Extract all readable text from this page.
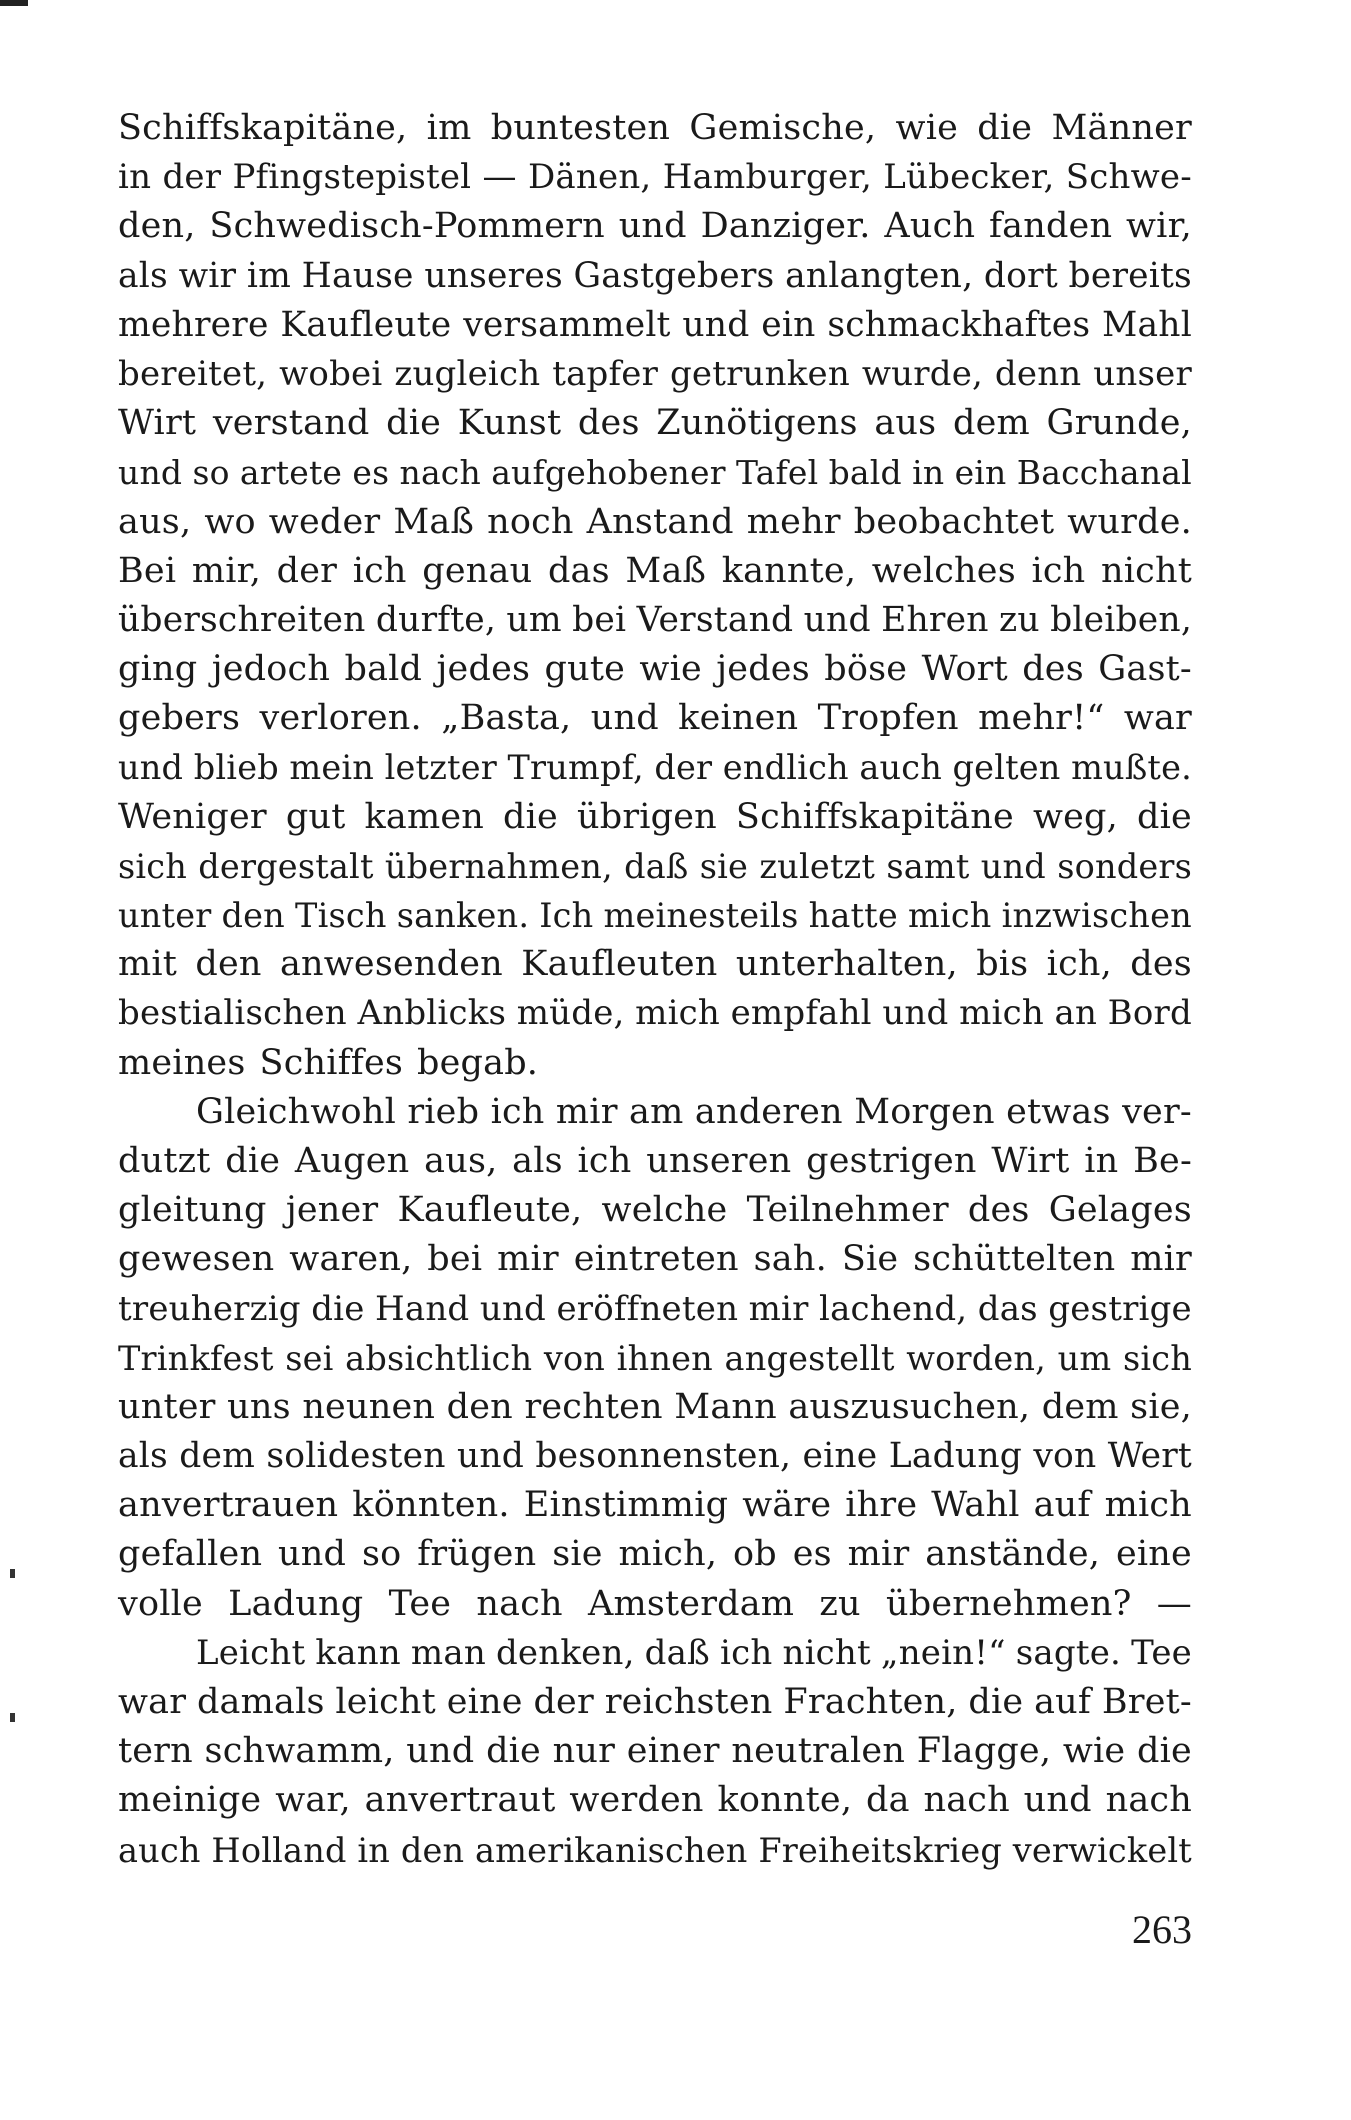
Schiffskapitäne, im buntesten Gemische, wie die Männer
in der Pfingstepistel — Dänen, Hamburger, Lübecker, Schwe-
den, Schwedisch-Pommern und Danziger. Auch fanden wir,
als wir im Hause unseres Gastgebers anlangten, dort bereits
mehrere Kaufleute versammelt und ein schmackhaftes Mahl
bereitet, wobei zugleich tapfer getrunken wurde, denn unser
Wirt verstand die Kunst des Zunötigens aus dem Grunde,
und so artete es nach aufgehobener Tafel bald in ein Bacchanal
aus, wo weder Maß noch Anstand mehr beobachtet wurde.
Bei mir, der ich genau das Maß kannte, welches ich nicht
überschreiten durfte, um bei Verstand und Ehren zu bleiben,
ging jedoch bald jedes gute wie jedes böse Wort des Gast-
gebers verloren. „Basta, und keinen Tropfen mehr!“ war
und blieb mein letzter Trumpf, der endlich auch gelten mußte.
Weniger gut kamen die übrigen Schiffskapitäne weg, die
sich dergestalt übernahmen, daß sie zuletzt samt und sonders
unter den Tisch sanken. Ich meinesteils hatte mich inzwischen
mit den anwesenden Kaufleuten unterhalten, bis ich, des
bestialischen Anblicks müde, mich empfahl und mich an Bord
meines Schiffes begab.
Gleichwohl rieb ich mir am anderen Morgen etwas ver-
dutzt die Augen aus, als ich unseren gestrigen Wirt in Be-
gleitung jener Kaufleute, welche Teilnehmer des Gelages
gewesen waren, bei mir eintreten sah. Sie schüttelten mir
treuherzig die Hand und eröffneten mir lachend, das gestrige
Trinkfest sei absichtlich von ihnen angestellt worden, um sich
unter uns neunen den rechten Mann auszusuchen, dem sie,
als dem solidesten und besonnensten, eine Ladung von Wert
anvertrauen könnten. Einstimmig wäre ihre Wahl auf mich
gefallen und so frügen sie mich, ob es mir anstände, eine
volle Ladung Tee nach Amsterdam zu übernehmen? —
Leicht kann man denken, daß ich nicht „nein!“ sagte. Tee
war damals leicht eine der reichsten Frachten, die auf Bret-
tern schwamm, und die nur einer neutralen Flagge, wie die
meinige war, anvertraut werden konnte, da nach und nach
auch Holland in den amerikanischen Freiheitskrieg verwickelt
263
